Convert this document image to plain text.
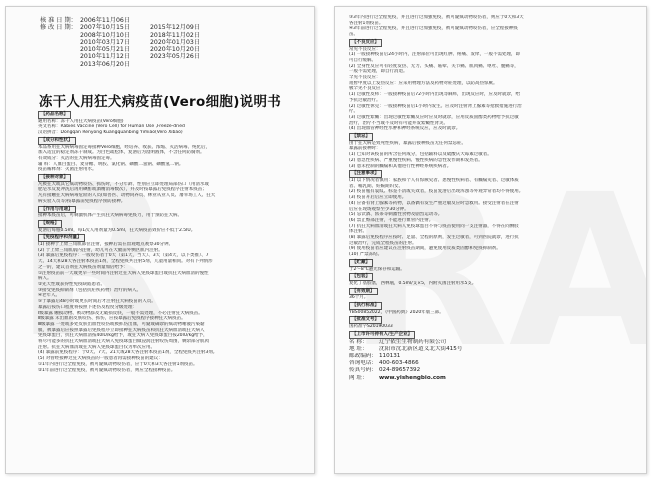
核 准 日 期： 2006年11月06日
修 改 日 期： 2007年10月15日	2015年12月09日
2008年10月10日	2018年11月02日
2010年03月17日	2020年01月03日
2010年05月21日	2020年10月20日
2010年11月12日	2023年05月26日
2013年06月20日
冻干人用狂犬病疫苗(Vero细胞)说明书
【药品名称】
通用名称：冻干人用狂犬病疫苗(Vero细胞)
英文名称：Rabies Vaccine (Vero Cell) for Human Use ,Freeze-dried
汉语拼音：Dongqan Renyong Kuangquanbing Yimiao(Vero Xibao)
【成分和性状】
本品系用狂犬病病毒固定毒接种Vero细胞，经培养、收获、浓缩、灭活病毒、纯化后，
加入适宜的稳定剂冻干制成。为白色疏松体，复溶后为澄明液体，不含任何防腐剂。
有效成分：灭活的狂犬病病毒固定毒。
辅 料：人血白蛋白、麦芽糖、明胶、氯化钠、磷酸二氢钠、磷酸氢二钠。
疫苗稀释剂：灭菌注射用水。
【接种对象】
凡被狂犬或其它疯动物咬伤、抓伤时，不分年龄、性别应立即处理局部伤口（用清水或
肥皂水反复冲洗后再用碘酊或酒精消毒数次），并及时按暴露后免疫程序注射本疫苗；
凡有接触狂犬病病毒危险的人员(如兽医、动物饲养员、林业从业人员、屠宰场工人、狂犬
病实验人员等)按暴露前免疫程序预防接种。
【作用与用途】
接种本疫苗后，可刺激机体产生抗狂犬病病毒免疫力，用于预防狂犬病。
【规格】
复溶后每瓶0.5ml，每1次人用剂量为0.5ml，狂犬病疫苗效价应不低于2.5IU。
【免疫程序和剂量】
(1) 接种于上臂三角肌部位注射，接种后需在留观地点观察30分钟。
(2) 于上臂三角肌肌内注射，幼儿可在大腿前外侧区肌内注射。
(3) 暴露后免疫程序：一般咬伤者于0天（第1天，当天）、3天（第4天，以下类推）、7
天、14天和28天各注射本疫苗1剂，全程免疫共注射5剂，儿童用量相同。对有下列情形
之一的，建议首剂狂犬病疫苗剂量加倍给予：
①注射疫苗前一天或更早一些时间内注射过狂犬病人免疫球蛋白或抗狂犬病血清的慢性
病人。
②先天性或获得性免疫缺陷患者。
③接受免疫抑制剂（包括抗疟疾药物）治疗的病人。
④老年人。
⑤于暴露后48小时或更长时间后才注射狂犬病疫苗的人员。
暴露后按伤口程度将按照下述伤及程度分级处理：
Ⅰ级暴露 触摸动物、被动物舔及无破损皮肤，一般不需处理，不必注射狂犬病疫苗。
Ⅱ级暴露 未出血的皮肤咬伤、抓伤，应按暴露后免疫程序接种狂犬病疫苗。
Ⅲ级暴露 一处或多处皮肤出血性咬伤或被抓伤出血，可疑或确诊的疯动物唾液污染黏
膜，被暴露后应按照暴露后免疫程序立即接种狂犬病疫苗和抗狂犬病血清或狂犬病人
免疫球蛋白，抗狂犬病血清按40IU/kg给予，或狂犬病人免疫球蛋白按20IU/kg给予，
将尽可能多的抗狂犬病血清或狂犬病人免疫球蛋白做浸润注射咬伤周围，剩余部分肌肉
注射。抗狂犬病血清或狂犬病人免疫球蛋白仅为单次应用。
(4) 暴露前免疫程序：于0天、7天、21天或28天各注射本疫苗1剂，全程免疫共注射3剂。
(5) 对曾经接种过狂犬病疫苗的一般患者再需接种疫苗的建议：
①1年内进行过全程免疫，被可疑疯动物咬伤者，应于0天和3天各注射1剂疫苗。
②1年前进行过全程免疫，被可疑疯动物咬伤者，则应全程接种疫苗。
③3年内进行过全程免疫，并且进行过加强免疫，被可疑疯动物咬伤者，则应于0天和3天
各注射1剂疫苗。
④3年前进行过全程免疫，并且进行过加强免疫，被可疑疯动物咬伤者，应全程接种疫
苗。
【不良反应】
常见不良反应：
(1) 一般接种疫苗后24小时内，注射部位可出现红肿、疼痛、发痒，一般不需处理，即
可自行缓解。
(2) 全身性反应可有轻度发热、无力、头痛、眩晕、关节痛、肌肉痛、呕吐、腹痛等，
一般不需处理，即自行消退。
罕见不良反应：
短暂中度以上发热反应：应采用物理方法及药物对症处理，以防高热惊厥。
极罕见不良反应：
(1) 过敏性皮疹：一般接种疫苗后72小时内出现荨麻疹，出现反应时，应及时就诊，给
予抗过敏治疗。
(2) 过敏性休克：一般接种疫苗后1小时内发生。应及时注射肾上腺素等抢救措施进行治
疗。
(3) 过敏性紫癜：出现过敏性紫癜反应时应及时就诊，应用皮质固醇类药物给予抗过敏
治疗，治疗不当或不及时有可能并发紫癜性肾炎。
(4) 出现血管神经性水肿和神经系统反应，应及时就诊。
【禁忌】
由于狂犬病是致死性疾病，暴露后接种疫苗无任何禁忌症。
暴露前接种时：
(1) 已知对该疫苗的所含任何成分，包括辅料以及硫酸庆大霉素过敏者。
(2) 患急性疾病、严重慢性疾病、慢性疾病的急性发作期和发热者。
(3) 患未控制的癫痫和其他进行性神经系统疾病者。
【注意事项】
(1) 以下情况者慎用：家族和个人有惊厥史者、患慢性疾病者、有癫痫史者、过敏体质
者、哺乳期、妊娠期妇女。
(2) 疫苗瓶有裂纹、标签不清或失效者，疫苗复溶后出现浑浊等外观异常者均不得使用。
(3) 疫苗开启后应立即使用。
(4) 应备有肾上腺素等药物，以备偶有发生严重过敏反应时急救用。接受注射者在注射
后应在现场观察至少30分钟。
(5) 忌饮酒、浓茶等刺激性食物及剧烈运动等。
(6) 禁止臀部注射，不能进行血管内注射。
(7) 抗狂犬病血清或狂犬病人免疫球蛋白不得与疫苗使用同一支注射器，不得在同侧肢
体注射。
(8) 暴露后免疫程序应按时、足量、全程的原则，发生过敏者，可到医院就诊，进行抗
过敏治疗，完成全程疫苗的注射。
(9) 使用疫苗者应建议在注射疫苗期间，避免使用皮质类固醇和免疫抑制剂。
(10) 严禁冻结。
【贮藏】
于2～8℃避光保存和运输。
【包装】
复化丁基胶塞，西林瓶，0.5ml/支×5，内附灭菌注射用水5支。
【有效期】
36个月。
【执行标准】
YBS00852022，《中国药典》2020年版三部。
【批准文号】
国药准字S20190033
【上市许可持有人/生产企业】
名 称： 辽宁依生生物制药有限公司
地 址： 沈阳市沈北新区道义北大街415号
邮政编码： 110131
咨询电话： 400-603-4866
传真号码： 024-89657392
网 址： www.yishengbio.com
